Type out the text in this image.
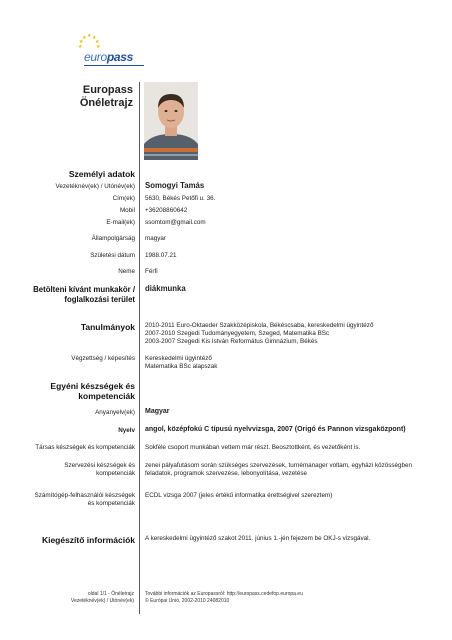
★ ★
★
★
★
★	★
europass
Europass
Önéletrajz
Személyi adatok
Vezetéknév(ek) / Utónév(ek) Somogyi Tamás
Cím(ek) 5630, Békés Petőfi u. 36.
Mobil +36208860642
E-mail(ek) ssomtom@gmail.com
Állampolgárság magyar
Születési dátum 1988.07.21
Neme Férfi
Betölteni kívánt munkakör /
foglalkozási terület
diákmunka
Tanulmányok 2010-2011 Euro-Oktaeder Szakközépiskola, Békéscsaba, kereskedelmi ügyintéző
2007-2010 Szegedi Tudományegyetem, Szeged, Matematika BSc
2003-2007 Szegedi Kis István Református Gimnázium, Békés
Végzettség / képesítés Kereskedelmi ügyintéző
Matematika BSc alapszak
Egyéni készségek és
kompetenciák
Anyanyelv(ek) Magyar
Nyelv angol, középfokú C típusú nyelvvizsga, 2007 (Origó és Pannon vizsgaközpont)
Társas készségek és kompetenciák Sokféle csoport munkában vettem már részt. Beosztottként, és vezetőként is.
Szervezési készségek és
kompetenciák
zenei pályafutásom során szükséges szervezések, turnémanager voltam, egyházi közösségben
feladatok, programok szervezése, lebonyolítása, vezetése
Számítógép-felhasználói készségek
és kompetenciák
ECDL vizsga 2007 (jeles értékű informatika érettségivel szereztem)
Kiegészítő információk A kereskedelmi ügyintéző szakot 2011. június 1.-jén fejezem be OKJ-s vizsgával.
oldal 1/1 - Önéletrajz
Vezetéknév(ek) / Utónév(ek)
További információk az Europassról: http://europass.cedefop.europa.eu
© Európai Unió, 2002-2010 24082010
